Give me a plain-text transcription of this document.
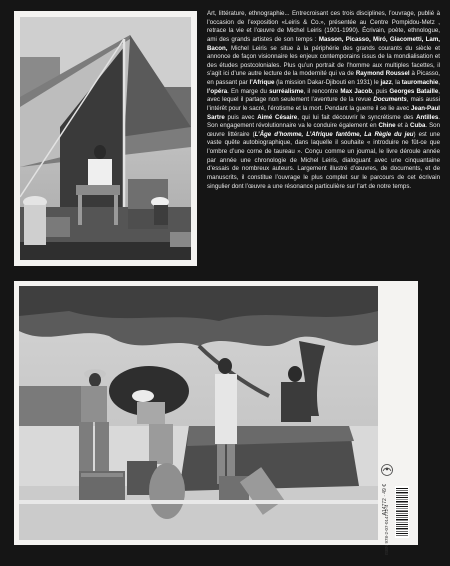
Art, littérature, ethnographie... Entrecroisant ces trois disciplines, l’ouvrage, publié à l’occasion de l’exposition «Leiris & Co.», présentée au Centre Pompidou-Metz , retrace la vie et l’œuvre de Michel Leiris (1901-1990). Écrivain, poète, ethnologue, ami des grands artistes de son temps : Masson, Picasso, Miró, Giacometti, Lam, Bacon, Michel Leiris se situe à la périphérie des grands courants du siècle et annonce de façon visionnaire les enjeux contemporains issus de la mondialisation et des études postcoloniales. Plus qu’un portrait de l’homme aux multiples facettes, il s’agit ici d’une autre lecture de la modernité qui va de Raymond Roussel à Picasso, en passant par l’Afrique (la mission Dakar-Djibouti en 1931) le jazz, la tauromachie, l’opéra. En marge du surréalisme, il rencontre Max Jacob, puis Georges Bataille, avec lequel il partage non seulement l’aventure de la revue Documents, mais aussi l’intérêt pour le sacré, l’érotisme et la mort. Pendant la guerre il se lie avec Jean-Paul Sartre puis avec Aimé Césaire, qui lui fait découvrir le syncrétisme des Antilles. Son engagement révolutionnaire va le conduire également en Chine et à Cuba. Son œuvre littéraire (L’Âge d’homme, L’Afrique fantôme, La Règle du jeu) est une vaste quête autobiographique, dans laquelle il souhaite « introduire ne fût-ce que l’ombre d’une corne de taureau ». Conçu comme un journal, le livre déroule année par année une chronologie de Michel Leiris, dialoguant avec une cinquantaine d’essais de nombreux auteurs. Largement illustré d’œuvres, de documents, et de manuscrits, il constitue l’ouvrage le plus complet sur le parcours de cet écrivain singulier dont l’œuvre a une résonance particulière sur l’art de notre temps.

A14772 · 49 €
ISBN 978-2-07-014772-4
